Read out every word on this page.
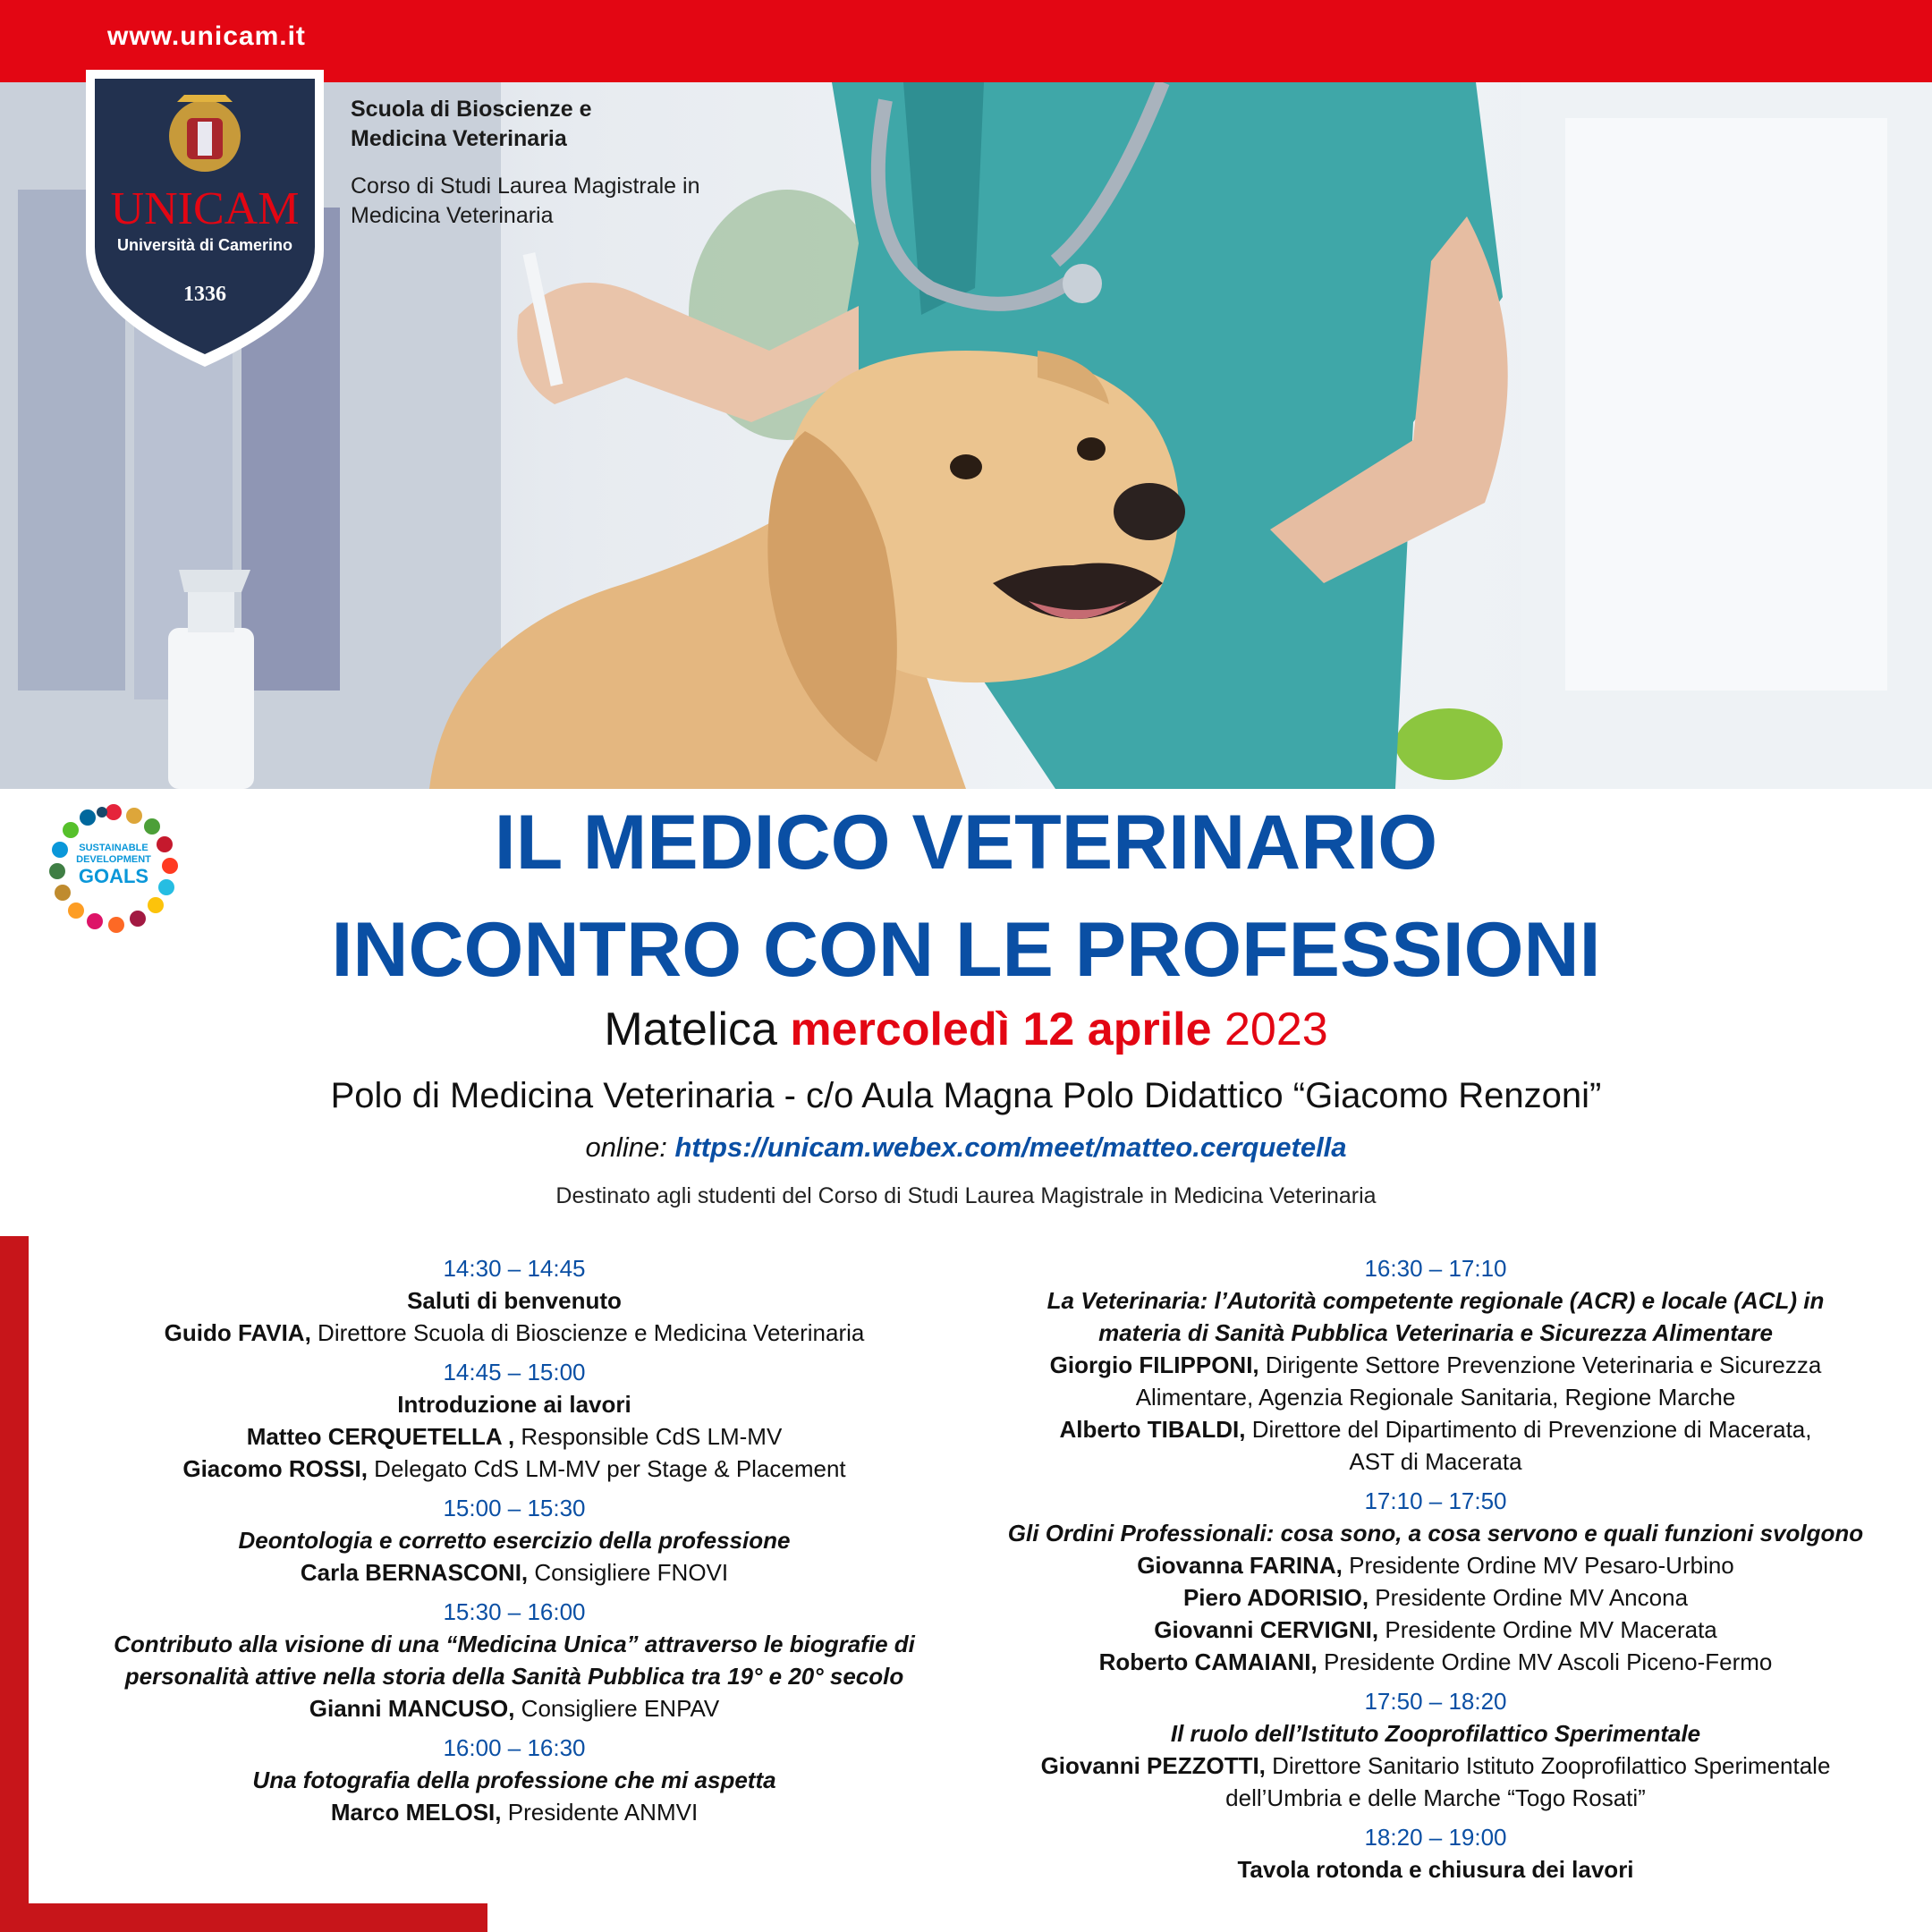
www.unicam.it
UNICAM
Università di Camerino
1336
Scuola di Bioscienze e
Medicina Veterinaria
Corso di Studi Laurea Magistrale in
Medicina Veterinaria
SUSTAINABLE
DEVELOPMENT
GOALS	IL MEDICO VETERINARIO
INCONTRO CON LE PROFESSIONI
Matelica mercoledì 12 aprile 2023
Polo di Medicina Veterinaria - c/o Aula Magna Polo Didattico “Giacomo Renzoni”
online: https://unicam.webex.com/meet/matteo.cerquetella
Destinato agli studenti del Corso di Studi Laurea Magistrale in Medicina Veterinaria
14:30 – 14:45
Saluti di benvenuto
Guido FAVIA, Direttore Scuola di Bioscienze e Medicina Veterinaria
14:45 – 15:00
Introduzione ai lavori
Matteo CERQUETELLA , Responsible CdS LM-MV
Giacomo ROSSI, Delegato CdS LM-MV per Stage & Placement
15:00 – 15:30
Deontologia e corretto esercizio della professione
Carla BERNASCONI, Consigliere FNOVI
15:30 – 16:00
Contributo alla visione di una “Medicina Unica” attraverso le biografie di
personalità attive nella storia della Sanità Pubblica tra 19° e 20° secolo
Gianni MANCUSO, Consigliere ENPAV
16:00 – 16:30
Una fotografia della professione che mi aspetta
Marco MELOSI, Presidente ANMVI
16:30 – 17:10
La Veterinaria: l’Autorità competente regionale (ACR) e locale (ACL) in
materia di Sanità Pubblica Veterinaria e Sicurezza Alimentare
Giorgio FILIPPONI, Dirigente Settore Prevenzione Veterinaria e Sicurezza
Alimentare, Agenzia Regionale Sanitaria, Regione Marche
Alberto TIBALDI, Direttore del Dipartimento di Prevenzione di Macerata,
AST di Macerata
17:10 – 17:50
Gli Ordini Professionali: cosa sono, a cosa servono e quali funzioni svolgono
Giovanna FARINA, Presidente Ordine MV Pesaro-Urbino
Piero ADORISIO, Presidente Ordine MV Ancona
Giovanni CERVIGNI, Presidente Ordine MV Macerata
Roberto CAMAIANI, Presidente Ordine MV Ascoli Piceno-Fermo
17:50 – 18:20
Il ruolo dell’Istituto Zooprofilattico Sperimentale
Giovanni PEZZOTTI, Direttore Sanitario Istituto Zooprofilattico Sperimentale
dell’Umbria e delle Marche “Togo Rosati”
18:20 – 19:00
Tavola rotonda e chiusura dei lavori
